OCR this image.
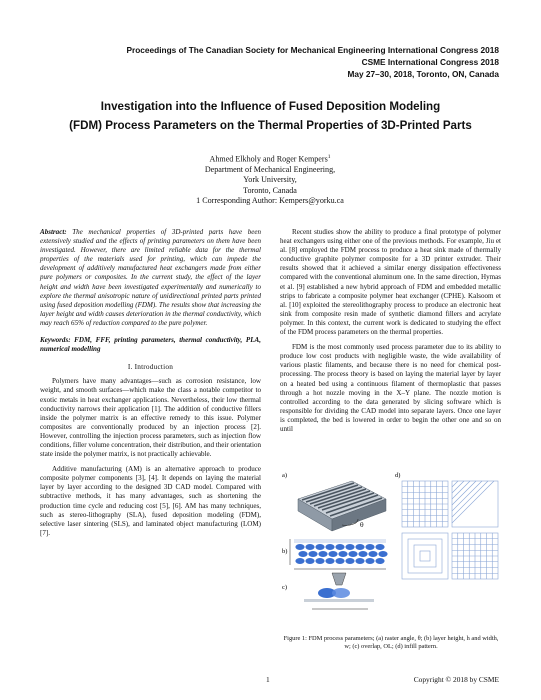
Proceedings of The Canadian Society for Mechanical Engineering International Congress 2018
CSME International Congress 2018
May 27–30, 2018, Toronto, ON, Canada
Investigation into the Influence of Fused Deposition Modeling
(FDM) Process Parameters on the Thermal Properties of 3D-Printed Parts
Ahmed Elkholy and Roger Kempers$^1$
Department of Mechanical Engineering,
York University,
Toronto, Canada
1 Corresponding Author: Kempers@yorku.ca

Abstract: The mechanical properties of 3D-printed parts have been extensively studied and the effects of printing parameters on them have been investigated. However, there are limited reliable data for the thermal properties of the materials used for printing, which can impede the development of additively manufactured heat exchangers made from either pure polymers or composites. In the current study, the effect of the layer height and width have been investigated experimentally and numerically to explore the thermal anisotropic nature of unidirectional printed parts printed using fused deposition modelling (FDM). The results show that increasing the layer height and width causes deterioration in the thermal conductivity, which may reach 65% of reduction compared to the pure polymer.

Keywords: FDM, FFF, printing parameters, thermal conductivity, PLA, numerical modelling

I. Introduction

Polymers have many advantages—such as corrosion resistance, low weight, and smooth surfaces—which make the class a notable competitor to exotic metals in heat exchanger applications. Nevertheless, their low thermal conductivity narrows their application [1]. The addition of conductive fillers inside the polymer matrix is an effective remedy to this issue. Polymer composites are conventionally produced by an injection process [2]. However, controlling the injection process parameters, such as injection flow conditions, filler volume concentration, their distribution, and their orientation state inside the polymer matrix, is not practically achievable.

Additive manufacturing (AM) is an alternative approach to produce composite polymer components [3], [4]. It depends on laying the material layer by layer according to the designed 3D CAD model. Compared with subtractive methods, it has many advantages, such as shortening the production time cycle and reducing cost [5], [6]. AM has many techniques, such as stereo-lithography (SLA), fused deposition modeling (FDM), selective laser sintering (SLS), and laminated object manufacturing (LOM) [7].

Recent studies show the ability to produce a final prototype of polymer heat exchangers using either one of the previous methods. For example, Jiu et al. [8] employed the FDM process to produce a heat sink made of thermally conductive graphite polymer composite for a 3D printer extruder. Their results showed that it achieved a similar energy dissipation effectiveness compared with the conventional aluminum one. In the same direction, Hymas et al. [9] established a new hybrid approach of FDM and embedded metallic strips to fabricate a composite polymer heat exchanger (CPHE). Kalsoom et al. [10] exploited the stereolithography process to produce an electronic heat sink from composite resin made of synthetic diamond fillers and acrylate polymer. In this context, the current work is dedicated to studying the effect of the FDM process parameters on the thermal properties.

FDM is the most commonly used process parameter due to its ability to produce low cost products with negligible waste, the wide availability of various plastic filaments, and because there is no need for chemical post-processing. The process theory is based on laying the material layer by layer on a heated bed using a continuous filament of thermoplastic that passes through a hot nozzle moving in the X–Y plane. The nozzle motion is controlled according to the data generated by slicing software which is responsible for dividing the CAD model into separate layers. Once one layer is completed, the bed is lowered in order to begin the other one and so on until

a)	d)
b)
c)
θ
Figure 1: FDM process parameters; (a) raster angle, θ; (b) layer height, h and width, w; (c) overlap, OL; (d) infill pattern.
1	Copyright © 2018 by CSME
